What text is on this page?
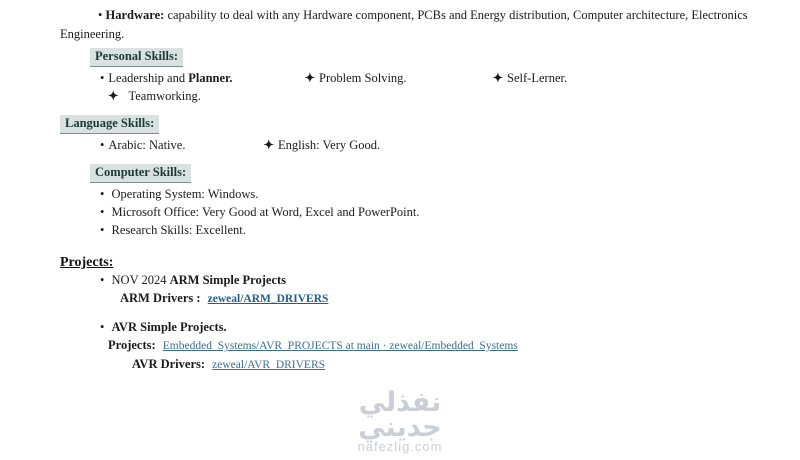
• Hardware: capability to deal with any Hardware component, PCBs and Energy distribution, Computer architecture, Electronics Engineering.
Personal Skills:
• Leadership and Planner.	✦ Problem Solving.	✦ Self-Lerner.
✦ Teamworking.
Language Skills:
• Arabic: Native.	✦ English: Very Good.
Computer Skills:
• Operating System: Windows.
• Microsoft Office: Very Good at Word, Excel and PowerPoint.
• Research Skills: Excellent.
Projects:
• NOV 2024 ARM Simple Projects
ARM Drivers : zeweal/ARM_DRIVERS
• AVR Simple Projects.
Projects: Embedded_Systems/AVR_PROJECTS at main · zeweal/Embedded_Systems
AVR Drivers: zeweal/AVR_DRIVERS
نفذلي
جديني
nafezlig.com
